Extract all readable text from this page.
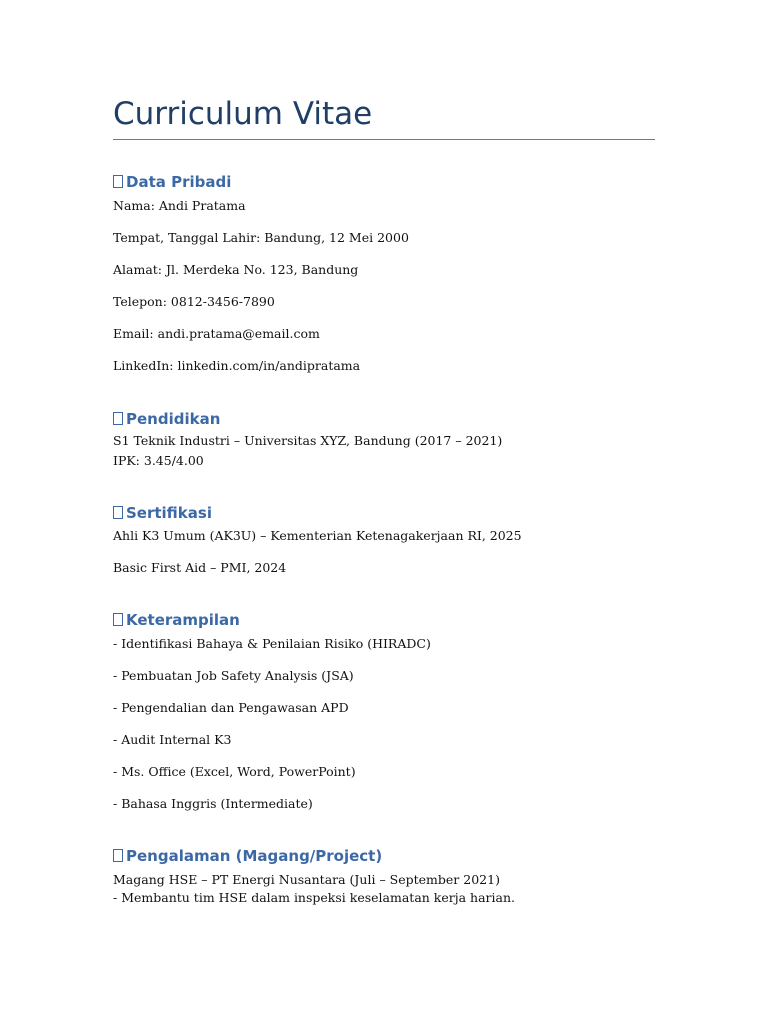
Curriculum Vitae
Data Pribadi

Nama: Andi Pratama

Tempat, Tanggal Lahir: Bandung, 12 Mei 2000

Alamat: Jl. Merdeka No. 123, Bandung

Telepon: 0812-3456-7890

Email: andi.pratama@email.com

LinkedIn: linkedin.com/in/andipratama

Pendidikan

S1 Teknik Industri – Universitas XYZ, Bandung (2017 – 2021)

IPK: 3.45/4.00

Sertifikasi

Ahli K3 Umum (AK3U) – Kementerian Ketenagakerjaan RI, 2025

Basic First Aid – PMI, 2024

Keterampilan

- Identifikasi Bahaya & Penilaian Risiko (HIRADC)

- Pembuatan Job Safety Analysis (JSA)

- Pengendalian dan Pengawasan APD

- Audit Internal K3

- Ms. Office (Excel, Word, PowerPoint)

- Bahasa Inggris (Intermediate)

Pengalaman (Magang/Project)

Magang HSE – PT Energi Nusantara (Juli – September 2021)

- Membantu tim HSE dalam inspeksi keselamatan kerja harian.
